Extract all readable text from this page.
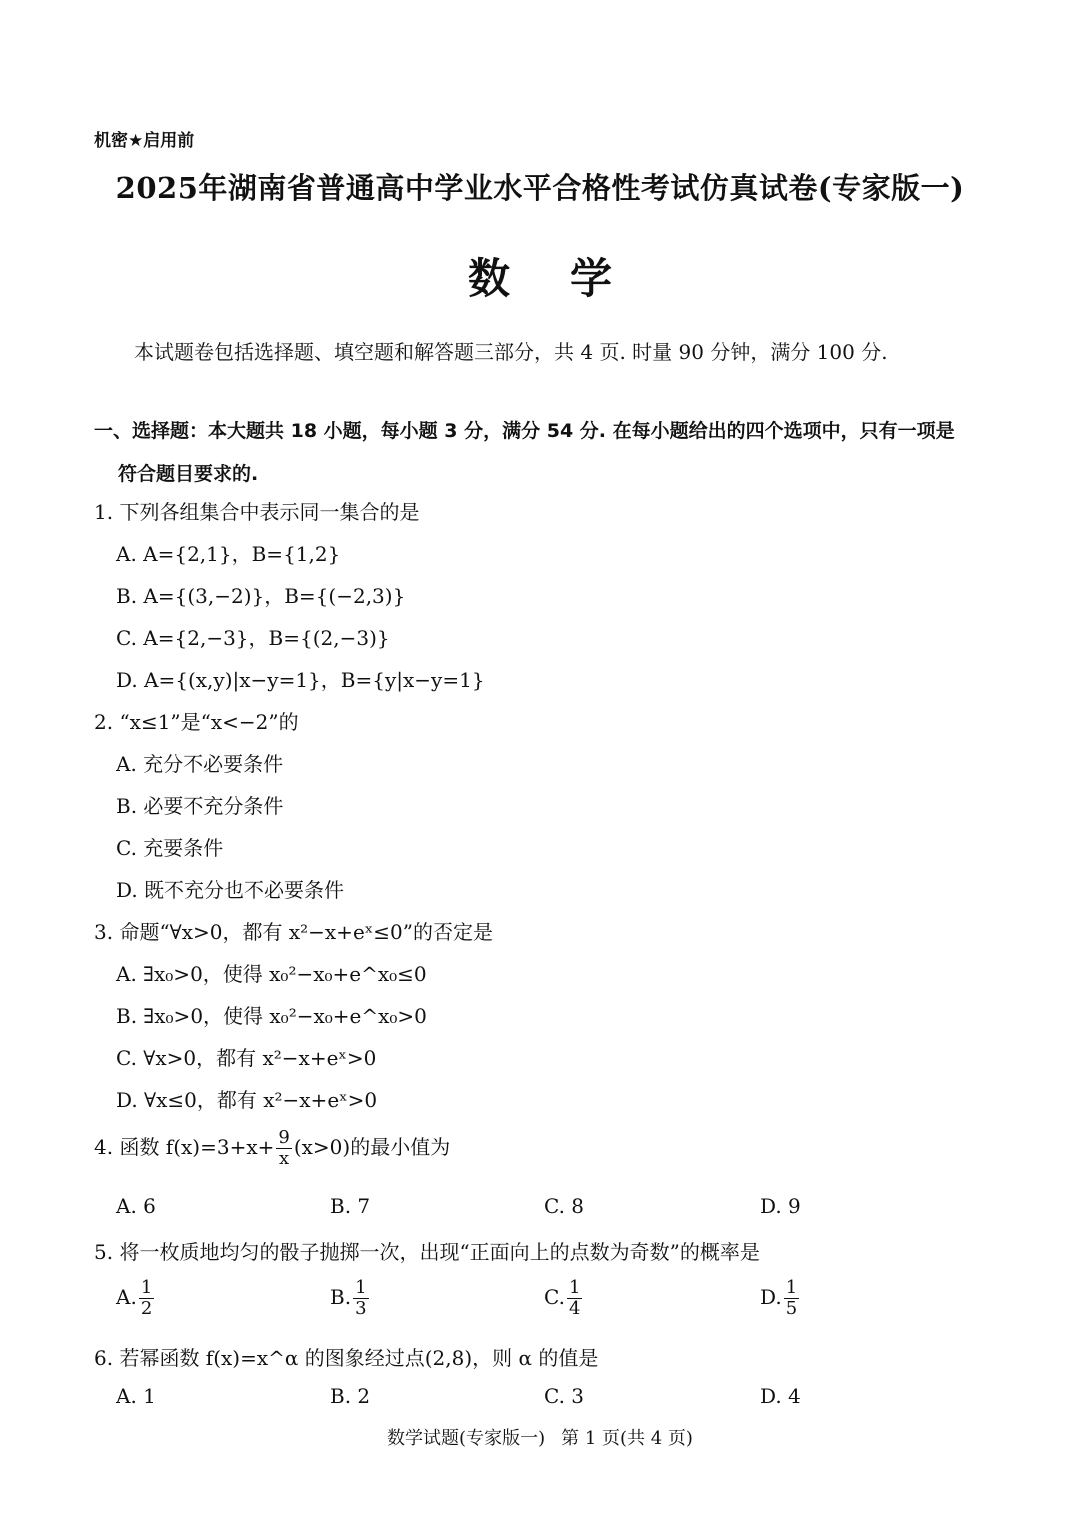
机密★启用前
2025年湖南省普通高中学业水平合格性考试仿真试卷(专家版一)
数学
本试题卷包括选择题、填空题和解答题三部分，共 4 页. 时量 90 分钟，满分 100 分.
一、选择题：本大题共 18 小题，每小题 3 分，满分 54 分. 在每小题给出的四个选项中，只有一项是
符合题目要求的.
1. 下列各组集合中表示同一集合的是
A. A={2,1}，B={1,2}
B. A={(3,−2)}，B={(−2,3)}
C. A={2,−3}，B={(2,−3)}
D. A={(x,y)|x−y=1}，B={y|x−y=1}
2. “x≤1”是“x<−2”的
A. 充分不必要条件
B. 必要不充分条件
C. 充要条件
D. 既不充分也不必要条件
3. 命题“∀x>0，都有 x²−x+eˣ≤0”的否定是
A. ∃x₀>0，使得 x₀²−x₀+e^x₀≤0
B. ∃x₀>0，使得 x₀²−x₀+e^x₀>0
C. ∀x>0，都有 x²−x+eˣ>0
D. ∀x≤0，都有 x²−x+eˣ>0
4. 函数 $f(x)=3+x+ \frac{9}{x} (x>0)$的最小值为
A. 6	B. 7	C. 8	D. 9
5. 将一枚质地均匀的骰子抛掷一次，出现“正面向上的点数为奇数”的概率是
A. $\frac{1}{2}$	B. $\frac{1}{3}$	C. $\frac{1}{4}$	D. $\frac{1}{5}$
6. 若幂函数 f(x)=x^α 的图象经过点(2,8)，则 α 的值是
A. 1	B. 2	C. 3	D. 4
数学试题(专家版一) 第 1 页(共 4 页)
